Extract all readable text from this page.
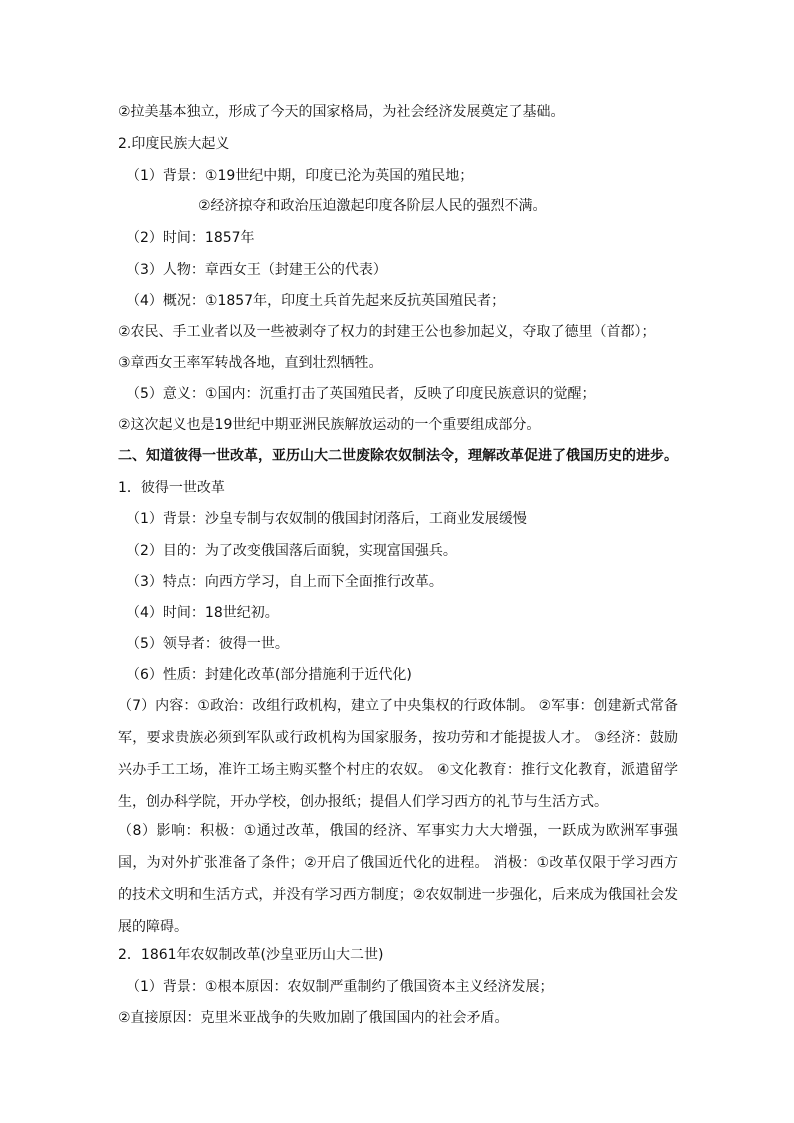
②拉美基本独立，形成了今天的国家格局，为社会经济发展奠定了基础。
2.印度民族大起义
（1）背景：①19世纪中期，印度已沦为英国的殖民地；
②经济掠夺和政治压迫激起印度各阶层人民的强烈不满。
（2）时间：1857年
（3）人物：章西女王（封建王公的代表）
（4）概况：①1857年，印度土兵首先起来反抗英国殖民者；
②农民、手工业者以及一些被剥夺了权力的封建王公也参加起义，夺取了德里（首都）；
③章西女王率军转战各地，直到壮烈牺牲。
（5）意义：①国内：沉重打击了英国殖民者，反映了印度民族意识的觉醒；
②这次起义也是19世纪中期亚洲民族解放运动的一个重要组成部分。
二、知道彼得一世改革，亚历山大二世废除农奴制法令，理解改革促进了俄国历史的进步。
1．彼得一世改革
（1）背景：沙皇专制与农奴制的俄国封闭落后，工商业发展缓慢
（2）目的：为了改变俄国落后面貌，实现富国强兵。
（3）特点：向西方学习，自上而下全面推行改革。
（4）时间：18世纪初。
（5）领导者：彼得一世。
（6）性质：封建化改革(部分措施利于近代化)
（7）内容：①政治：改组行政机构，建立了中央集权的行政体制。 ②军事：创建新式常备军，要求贵族必须到军队或行政机构为国家服务，按功劳和才能提拔人才。 ③经济：鼓励兴办手工工场，准许工场主购买整个村庄的农奴。 ④文化教育：推行文化教育，派遣留学生，创办科学院，开办学校，创办报纸；提倡人们学习西方的礼节与生活方式。
（8）影响：积极：①通过改革，俄国的经济、军事实力大大增强，一跃成为欧洲军事强国，为对外扩张准备了条件；②开启了俄国近代化的进程。 消极：①改革仅限于学习西方的技术文明和生活方式，并没有学习西方制度；②农奴制进一步强化，后来成为俄国社会发展的障碍。
2．1861年农奴制改革(沙皇亚历山大二世)
（1）背景：①根本原因：农奴制严重制约了俄国资本主义经济发展；
②直接原因：克里米亚战争的失败加剧了俄国国内的社会矛盾。
